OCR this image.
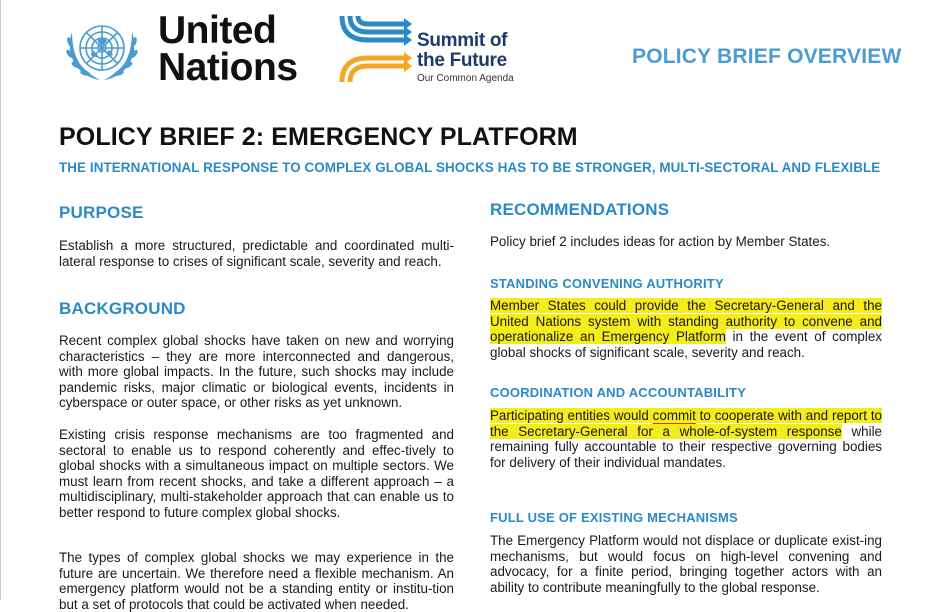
United
Nations
Summit of
the Future
Our Common Agenda
POLICY BRIEF OVERVIEW
POLICY BRIEF 2: EMERGENCY PLATFORM
THE INTERNATIONAL RESPONSE TO COMPLEX GLOBAL SHOCKS HAS TO BE STRONGER, MULTI-SECTORAL AND FLEXIBLE
PURPOSE
Establish a more structured, predictable and coordinated multi-lateral response to crises of significant scale, severity and reach.
BACKGROUND
Recent complex global shocks have taken on new and worrying characteristics – they are more interconnected and dangerous, with more global impacts. In the future, such shocks may include pandemic risks, major climatic or biological events, incidents in cyberspace or outer space, or other risks as yet unknown.
Existing crisis response mechanisms are too fragmented and sectoral to enable us to respond coherently and effec-tively to global shocks with a simultaneous impact on multiple sectors. We must learn from recent shocks, and take a different approach – a multidisciplinary, multi-stakeholder approach that can enable us to better respond to future complex global shocks.
The types of complex global shocks we may experience in the future are uncertain. We therefore need a flexible mechanism. An emergency platform would not be a standing entity or institu-tion but a set of protocols that could be activated when needed.
RECOMMENDATIONS
Policy brief 2 includes ideas for action by Member States.
STANDING CONVENING AUTHORITY
Member States could provide the Secretary-General and the United Nations system with standing authority to convene and operationalize an Emergency Platform in the event of complex global shocks of significant scale, severity and reach.
COORDINATION AND ACCOUNTABILITY
Participating entities would commit to cooperate with and report to the Secretary-General for a whole-of-system response while remaining fully accountable to their respective governing bodies for delivery of their individual mandates.
FULL USE OF EXISTING MECHANISMS
The Emergency Platform would not displace or duplicate exist-ing mechanisms, but would focus on high-level convening and advocacy, for a finite period, bringing together actors with an ability to contribute meaningfully to the global response.
